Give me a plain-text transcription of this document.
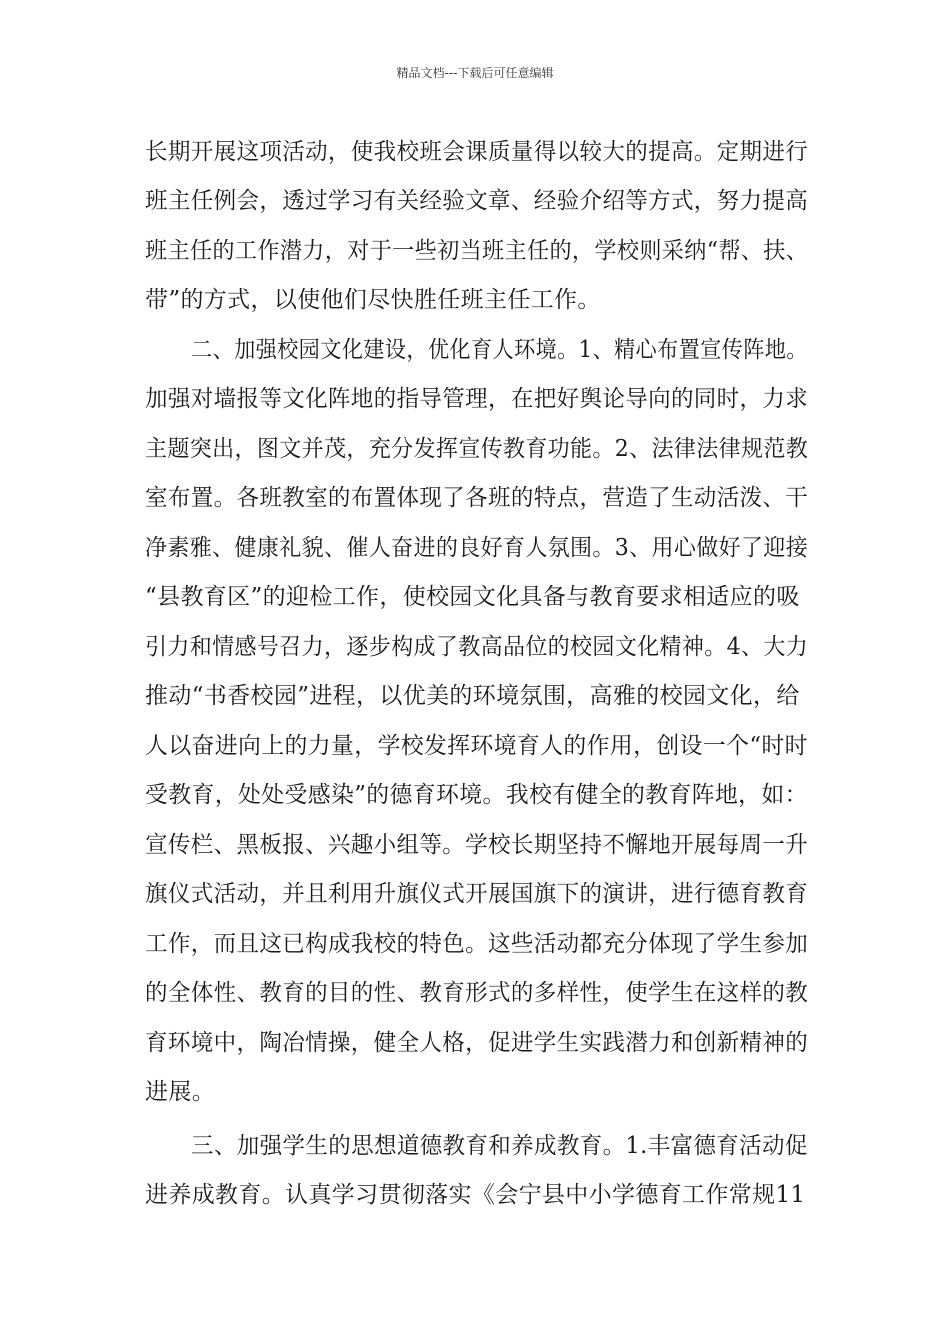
精品文档---下载后可任意编辑
长期开展这项活动，使我校班会课质量得以较大的提高。定期进行
班主任例会，透过学习有关经验文章、经验介绍等方式，努力提高
班主任的工作潜力，对于一些初当班主任的，学校则采纳“帮、扶、
带”的方式，以使他们尽快胜任班主任工作。
二、加强校园文化建设，优化育人环境。1、精心布置宣传阵地。
加强对墙报等文化阵地的指导管理，在把好舆论导向的同时，力求
主题突出，图文并茂，充分发挥宣传教育功能。2、法律法律规范教
室布置。各班教室的布置体现了各班的特点，营造了生动活泼、干
净素雅、健康礼貌、催人奋进的良好育人氛围。3、用心做好了迎接
“县教育区”的迎检工作，使校园文化具备与教育要求相适应的吸
引力和情感号召力，逐步构成了教高品位的校园文化精神。4、大力
推动“书香校园”进程，以优美的环境氛围，高雅的校园文化，给
人以奋进向上的力量，学校发挥环境育人的作用，创设一个“时时
受教育，处处受感染”的德育环境。我校有健全的教育阵地，如：
宣传栏、黑板报、兴趣小组等。学校长期坚持不懈地开展每周一升
旗仪式活动，并且利用升旗仪式开展国旗下的演讲，进行德育教育
工作，而且这已构成我校的特色。这些活动都充分体现了学生参加
的全体性、教育的目的性、教育形式的多样性，使学生在这样的教
育环境中，陶冶情操，健全人格，促进学生实践潜力和创新精神的
进展。
三、加强学生的思想道德教育和养成教育。1.丰富德育活动促
进养成教育。认真学习贯彻落实《会宁县中小学德育工作常规11
